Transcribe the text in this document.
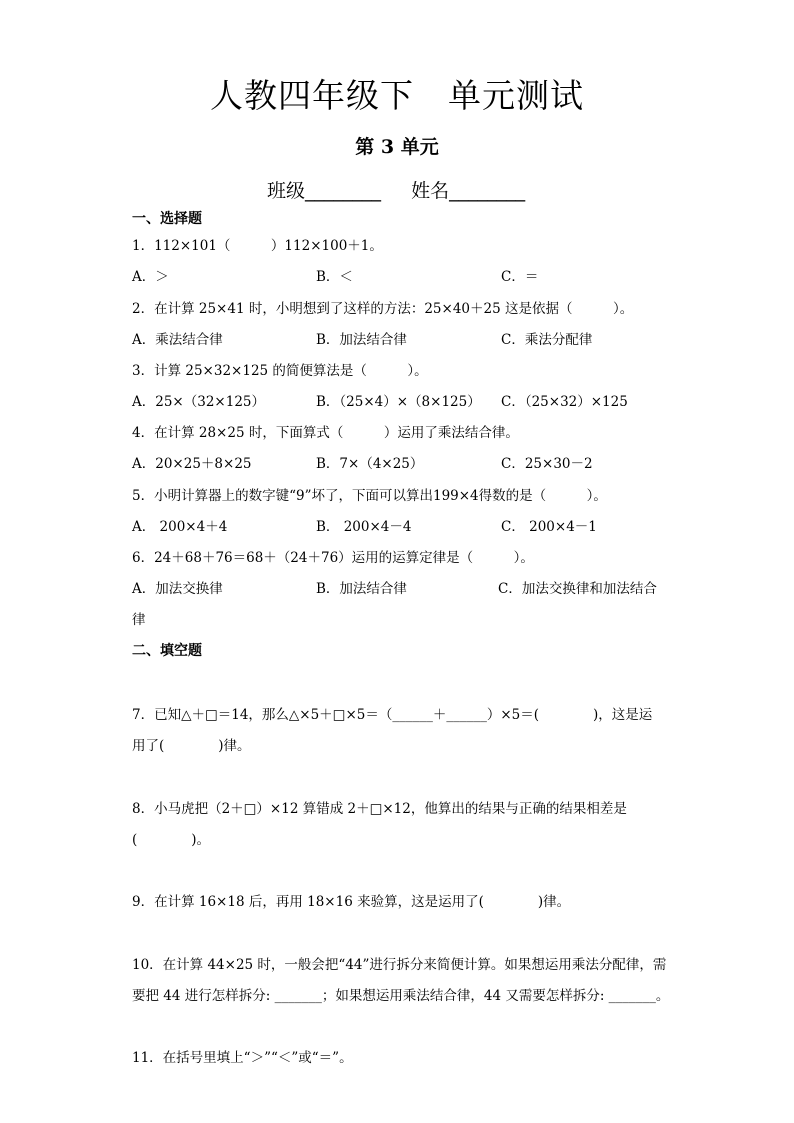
人教四年级下　单元测试
第 3 单元
班级________ 姓名________
一、选择题
1．112×101（　　　）112×100＋1。
A．＞	B．＜	C．＝
2．在计算 25×41 时，小明想到了这样的方法：25×40＋25 这是依据（　　　）。
A．乘法结合律	B．加法结合律	C．乘法分配律
3．计算 25×32×125 的简便算法是（　　　）。
A．25×（32×125）	B．（25×4）×（8×125） C．（25×32）×125
4．在计算 28×25 时，下面算式（　　　）运用了乘法结合律。
A．20×25＋8×25	B．7×（4×25）	C．25×30－2
5．小明计算器上的数字键“9”坏了，下面可以算出199×4得数的是（　　　）。
A． 200×4＋4	B． 200×4－4	C． 200×4－1
6．24＋68＋76＝68＋（24＋76）运用的运算定律是（　　　）。
A．加法交换律	B．加法结合律	C．加法交换律和加法结合
律
二、填空题
7．已知△＋□＝14，那么△×5＋□×5＝（______＋______）×5＝(　　　　)，这是运
用了(　　　　)律。
8．小马虎把（2＋□）×12 算错成 2＋□×12，他算出的结果与正确的结果相差是
(　　　　)。
9．在计算 16×18 后，再用 18×16 来验算，这是运用了(　　　　)律。
10．在计算 44×25 时，一般会把“44”进行拆分来简便计算。如果想运用乘法分配律，需
要把 44 进行怎样拆分: _______；如果想运用乘法结合律，44 又需要怎样拆分: _______。
11．在括号里填上“＞”“＜”或“＝”。
